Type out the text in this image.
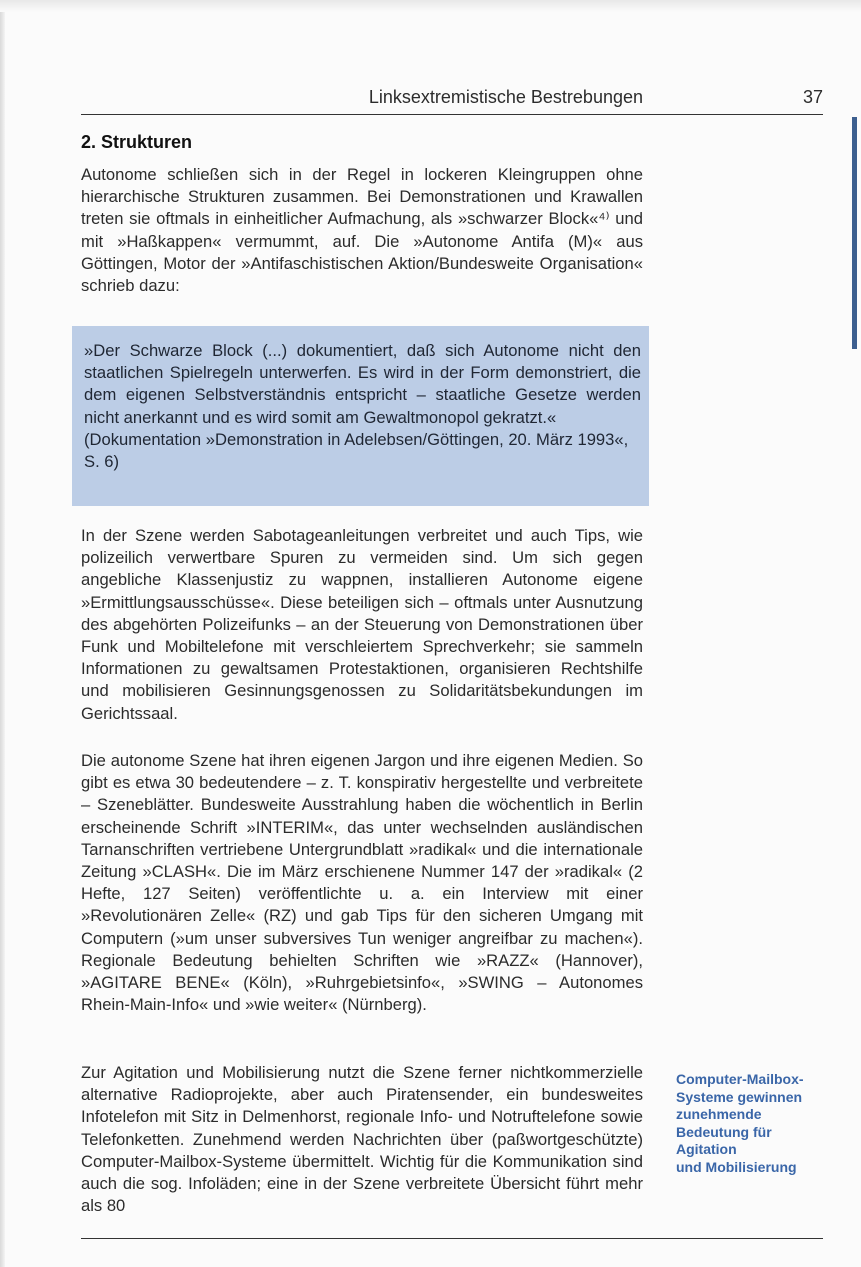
Linksextremistische Bestrebungen	37
2. Strukturen

Autonome schließen sich in der Regel in lockeren Kleingruppen ohne hierarchische Strukturen zusammen. Bei Demonstrationen und Krawallen treten sie oftmals in einheitlicher Aufmachung, als »schwarzer Block«⁴⁾ und mit »Haßkappen« vermummt, auf. Die »Autonome Antifa (M)« aus Göttingen, Motor der »Antifaschistischen Aktion/Bundesweite Organisation« schrieb dazu:

»Der Schwarze Block (...) dokumentiert, daß sich Autonome nicht den staatlichen Spielregeln unterwerfen. Es wird in der Form demonstriert, die dem eigenen Selbstverständnis entspricht – staatliche Gesetze werden nicht anerkannt und es wird somit am Gewaltmonopol gekratzt.«
(Dokumentation »Demonstration in Adelebsen/Göttingen, 20. März 1993«, S. 6)

In der Szene werden Sabotageanleitungen verbreitet und auch Tips, wie polizeilich verwertbare Spuren zu vermeiden sind. Um sich gegen angebliche Klassenjustiz zu wappnen, installieren Autonome eigene »Ermittlungsausschüsse«. Diese beteiligen sich – oftmals unter Ausnutzung des abgehörten Polizeifunks – an der Steuerung von Demonstrationen über Funk und Mobiltelefone mit verschleiertem Sprechverkehr; sie sammeln Informationen zu gewaltsamen Protestaktionen, organisieren Rechtshilfe und mobilisieren Gesinnungsgenossen zu Solidaritätsbekundungen im Gerichtssaal.

Die autonome Szene hat ihren eigenen Jargon und ihre eigenen Medien. So gibt es etwa 30 bedeutendere – z. T. konspirativ hergestellte und verbreitete – Szeneblätter. Bundesweite Ausstrahlung haben die wöchentlich in Berlin erscheinende Schrift »INTERIM«, das unter wechselnden ausländischen Tarnanschriften vertriebene Untergrundblatt »radikal« und die internationale Zeitung »CLASH«. Die im März erschienene Nummer 147 der »radikal« (2 Hefte, 127 Seiten) veröffentlichte u. a. ein Interview mit einer »Revolutionären Zelle« (RZ) und gab Tips für den sicheren Umgang mit Computern (»um unser subversives Tun weniger angreifbar zu machen«). Regionale Bedeutung behielten Schriften wie »RAZZ« (Hannover), »AGITARE BENE« (Köln), »Ruhrgebietsinfo«, »SWING – Autonomes Rhein-Main-Info« und »wie weiter« (Nürnberg).

Zur Agitation und Mobilisierung nutzt die Szene ferner nichtkommerzielle alternative Radioprojekte, aber auch Piratensender, ein bundesweites Infotelefon mit Sitz in Delmenhorst, regionale Info- und Notruftelefone sowie Telefonketten. Zunehmend werden Nachrichten über (paßwortgeschützte) Computer-Mailbox-Systeme übermittelt. Wichtig für die Kommunikation sind auch die sog. Infoläden; eine in der Szene verbreitete Übersicht führt mehr als 80

Computer-Mailbox-
Systeme gewinnen
zunehmende
Bedeutung für
Agitation
und Mobilisierung
